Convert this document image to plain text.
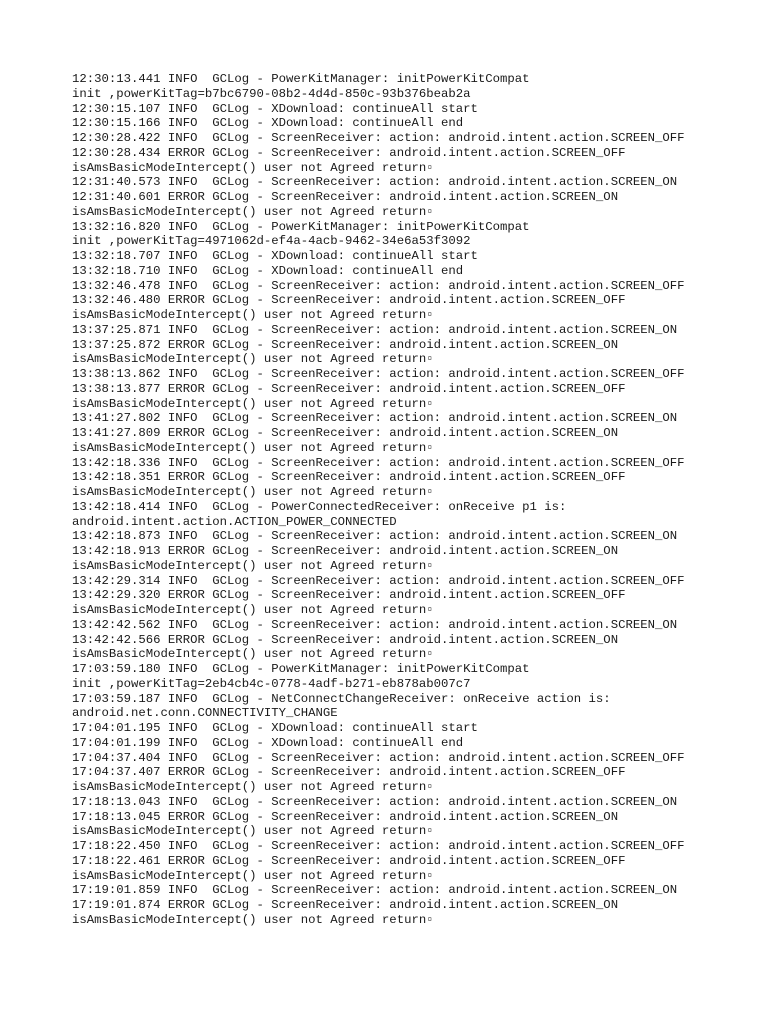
12:30:13.441 INFO  GCLog - PowerKitManager: initPowerKitCompat
init ,powerKitTag=b7bc6790-08b2-4d4d-850c-93b376beab2a
12:30:15.107 INFO  GCLog - XDownload: continueAll start
12:30:15.166 INFO  GCLog - XDownload: continueAll end
12:30:28.422 INFO  GCLog - ScreenReceiver: action: android.intent.action.SCREEN_OFF
12:30:28.434 ERROR GCLog - ScreenReceiver: android.intent.action.SCREEN_OFF
isAmsBasicModeIntercept() user not Agreed return▫
12:31:40.573 INFO  GCLog - ScreenReceiver: action: android.intent.action.SCREEN_ON
12:31:40.601 ERROR GCLog - ScreenReceiver: android.intent.action.SCREEN_ON
isAmsBasicModeIntercept() user not Agreed return▫
13:32:16.820 INFO  GCLog - PowerKitManager: initPowerKitCompat
init ,powerKitTag=4971062d-ef4a-4acb-9462-34e6a53f3092
13:32:18.707 INFO  GCLog - XDownload: continueAll start
13:32:18.710 INFO  GCLog - XDownload: continueAll end
13:32:46.478 INFO  GCLog - ScreenReceiver: action: android.intent.action.SCREEN_OFF
13:32:46.480 ERROR GCLog - ScreenReceiver: android.intent.action.SCREEN_OFF
isAmsBasicModeIntercept() user not Agreed return▫
13:37:25.871 INFO  GCLog - ScreenReceiver: action: android.intent.action.SCREEN_ON
13:37:25.872 ERROR GCLog - ScreenReceiver: android.intent.action.SCREEN_ON
isAmsBasicModeIntercept() user not Agreed return▫
13:38:13.862 INFO  GCLog - ScreenReceiver: action: android.intent.action.SCREEN_OFF
13:38:13.877 ERROR GCLog - ScreenReceiver: android.intent.action.SCREEN_OFF
isAmsBasicModeIntercept() user not Agreed return▫
13:41:27.802 INFO  GCLog - ScreenReceiver: action: android.intent.action.SCREEN_ON
13:41:27.809 ERROR GCLog - ScreenReceiver: android.intent.action.SCREEN_ON
isAmsBasicModeIntercept() user not Agreed return▫
13:42:18.336 INFO  GCLog - ScreenReceiver: action: android.intent.action.SCREEN_OFF
13:42:18.351 ERROR GCLog - ScreenReceiver: android.intent.action.SCREEN_OFF
isAmsBasicModeIntercept() user not Agreed return▫
13:42:18.414 INFO  GCLog - PowerConnectedReceiver: onReceive p1 is:
android.intent.action.ACTION_POWER_CONNECTED
13:42:18.873 INFO  GCLog - ScreenReceiver: action: android.intent.action.SCREEN_ON
13:42:18.913 ERROR GCLog - ScreenReceiver: android.intent.action.SCREEN_ON
isAmsBasicModeIntercept() user not Agreed return▫
13:42:29.314 INFO  GCLog - ScreenReceiver: action: android.intent.action.SCREEN_OFF
13:42:29.320 ERROR GCLog - ScreenReceiver: android.intent.action.SCREEN_OFF
isAmsBasicModeIntercept() user not Agreed return▫
13:42:42.562 INFO  GCLog - ScreenReceiver: action: android.intent.action.SCREEN_ON
13:42:42.566 ERROR GCLog - ScreenReceiver: android.intent.action.SCREEN_ON
isAmsBasicModeIntercept() user not Agreed return▫
17:03:59.180 INFO  GCLog - PowerKitManager: initPowerKitCompat
init ,powerKitTag=2eb4cb4c-0778-4adf-b271-eb878ab007c7
17:03:59.187 INFO  GCLog - NetConnectChangeReceiver: onReceive action is:
android.net.conn.CONNECTIVITY_CHANGE
17:04:01.195 INFO  GCLog - XDownload: continueAll start
17:04:01.199 INFO  GCLog - XDownload: continueAll end
17:04:37.404 INFO  GCLog - ScreenReceiver: action: android.intent.action.SCREEN_OFF
17:04:37.407 ERROR GCLog - ScreenReceiver: android.intent.action.SCREEN_OFF
isAmsBasicModeIntercept() user not Agreed return▫
17:18:13.043 INFO  GCLog - ScreenReceiver: action: android.intent.action.SCREEN_ON
17:18:13.045 ERROR GCLog - ScreenReceiver: android.intent.action.SCREEN_ON
isAmsBasicModeIntercept() user not Agreed return▫
17:18:22.450 INFO  GCLog - ScreenReceiver: action: android.intent.action.SCREEN_OFF
17:18:22.461 ERROR GCLog - ScreenReceiver: android.intent.action.SCREEN_OFF
isAmsBasicModeIntercept() user not Agreed return▫
17:19:01.859 INFO  GCLog - ScreenReceiver: action: android.intent.action.SCREEN_ON
17:19:01.874 ERROR GCLog - ScreenReceiver: android.intent.action.SCREEN_ON
isAmsBasicModeIntercept() user not Agreed return▫
